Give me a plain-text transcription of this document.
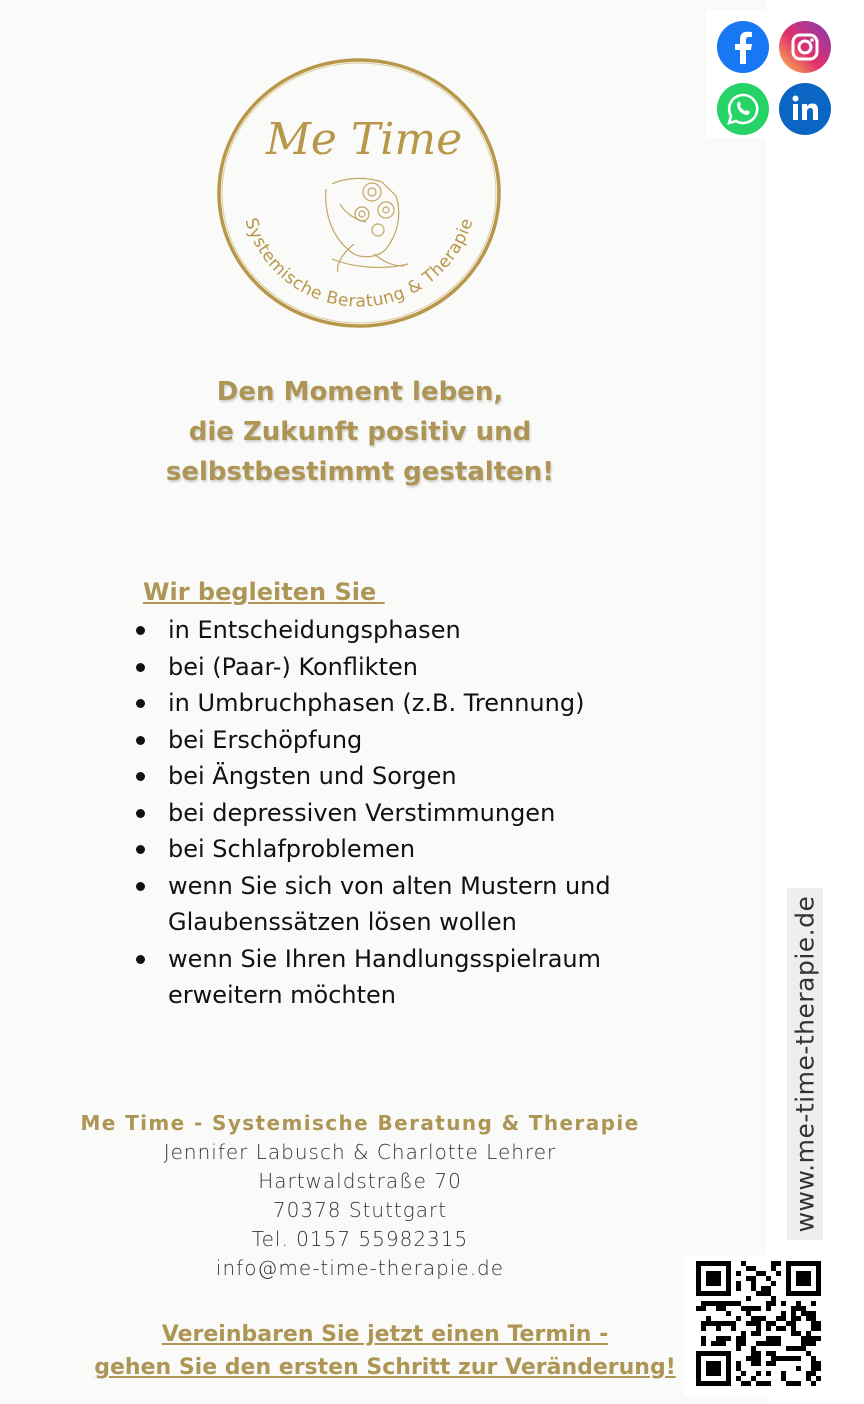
Me Time
Systemische Beratung & Therapie
Den Moment leben,
die Zukunft positiv und
selbstbestimmt gestalten!
Wir begleiten Sie
in Entscheidungsphasen
bei (Paar-) Konflikten
in Umbruchphasen (z.B. Trennung)
bei Erschöpfung
bei Ängsten und Sorgen
bei depressiven Verstimmungen
bei Schlafproblemen
wenn Sie sich von alten Mustern und Glaubenssätzen lösen wollen
wenn Sie Ihren Handlungsspielraum erweitern möchten
Me Time - Systemische Beratung & Therapie
Jennifer Labusch & Charlotte Lehrer
Hartwaldstraße 70
70378 Stuttgart
Tel. 0157 55982315
info@me-time-therapie.de
Vereinbaren Sie jetzt einen Termin -
gehen Sie den ersten Schritt zur Veränderung!
www.me-time-therapie.de
